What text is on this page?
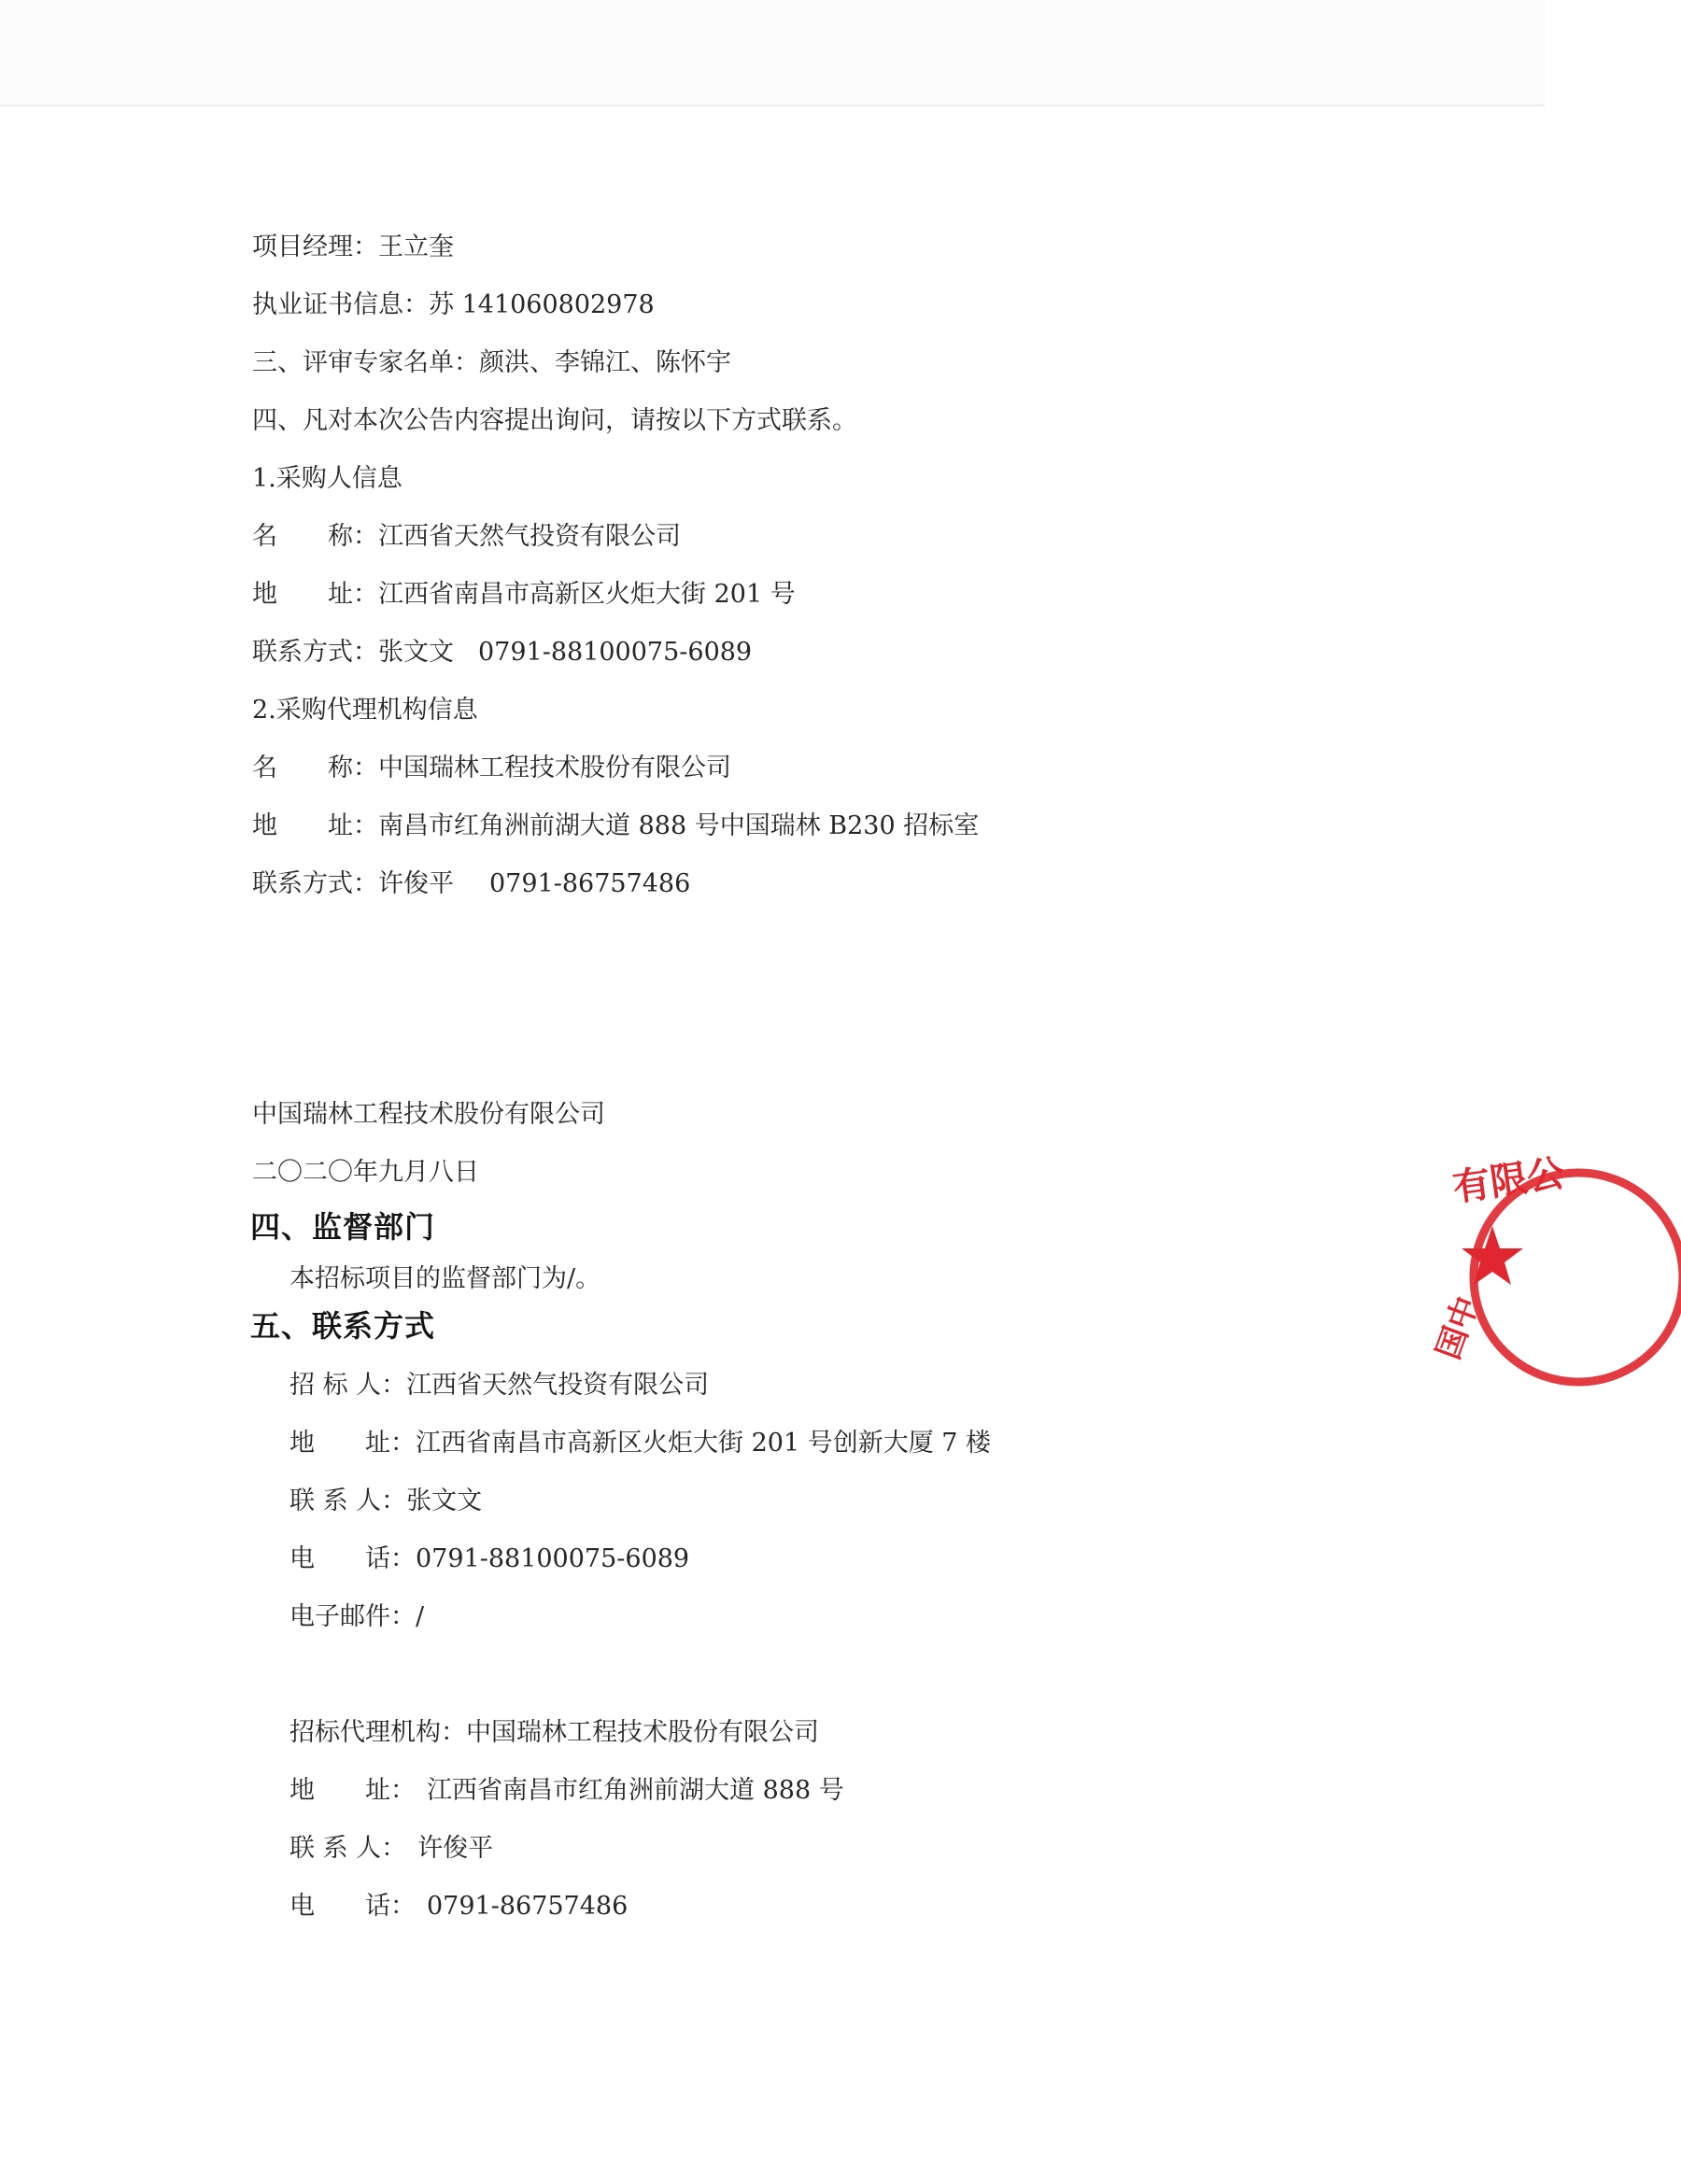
项目经理：王立奎
执业证书信息：苏 141060802978
三、评审专家名单：颜洪、李锦江、陈怀宇
四、凡对本次公告内容提出询问，请按以下方式联系。
1.采购人信息
名　　称：江西省天然气投资有限公司
地　　址：江西省南昌市高新区火炬大街 201 号
联系方式：张文文 0791-88100075-6089
2.采购代理机构信息
名　　称：中国瑞林工程技术股份有限公司
地　　址：南昌市红角洲前湖大道 888 号中国瑞林 B230 招标室
联系方式：许俊平 0791-86757486
中国瑞林工程技术股份有限公司
二〇二〇年九月八日
四、监督部门
本招标项目的监督部门为/。
五、联系方式
招 标 人：江西省天然气投资有限公司
地　　址：江西省南昌市高新区火炬大街 201 号创新大厦 7 楼
联 系 人：张文文
电　　话：0791-88100075-6089
电子邮件：/
招标代理机构：中国瑞林工程技术股份有限公司
地　　址： 江西省南昌市红角洲前湖大道 888 号
联 系 人： 许俊平
电　　话： 0791-86757486
有限公
国中
